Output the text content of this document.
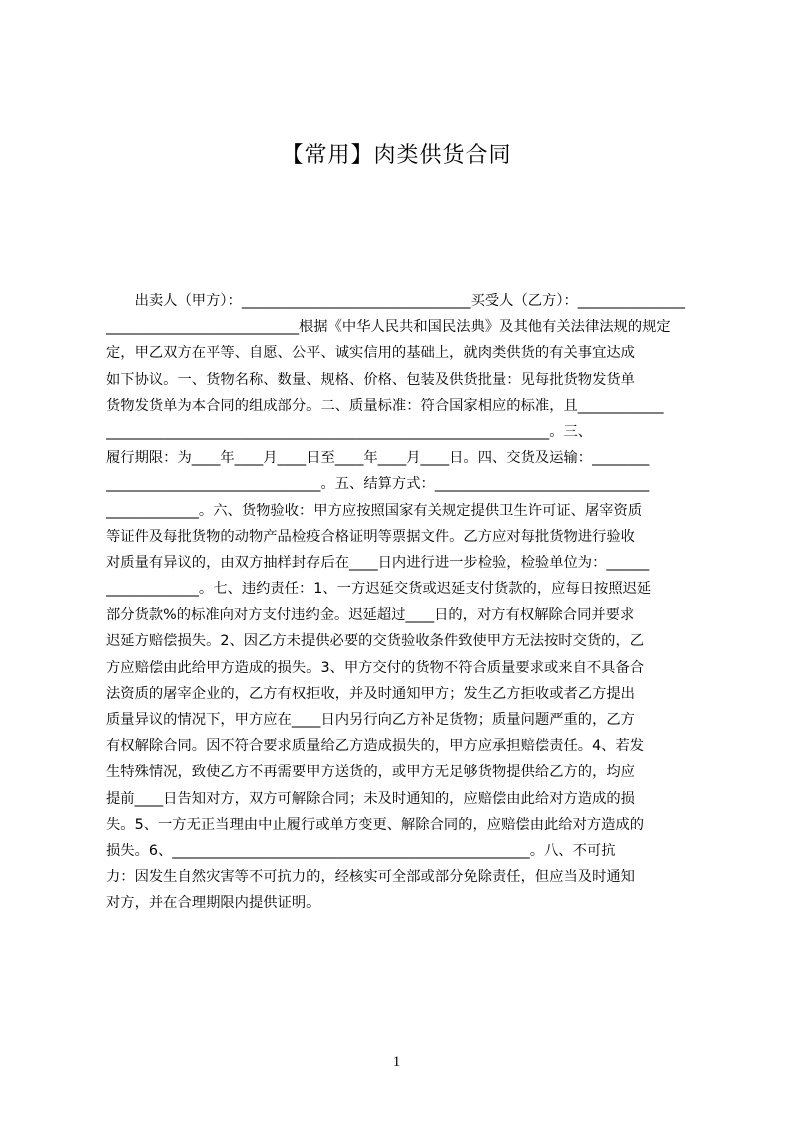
【常用】肉类供货合同
　　出卖人（甲方）：________________________________买受人（乙方）：_______________
___________________________根据《中华人民共和国民法典》及其他有关法律法规的规定
定，甲乙双方在平等、自愿、公平、诚实信用的基础上，就肉类供货的有关事宜达成
如下协议。一、货物名称、数量、规格、价格、包装及供货批量：见每批货物发货单
货物发货单为本合同的组成部分。二、质量标准：符合国家相应的标准，且____________
______________________________________________________________。三、
履行期限：为____年____月____日至____年____月____日。四、交货及运输：________
______________________________。五、结算方式：______________________________
_____________。六、货物验收：甲方应按照国家有关规定提供卫生许可证、屠宰资质
等证件及每批货物的动物产品检疫合格证明等票据文件。乙方应对每批货物进行验收
对质量有异议的，由双方抽样封存后在____日内进行进一步检验，检验单位为：______
_____________。七、违约责任：1、一方迟延交货或迟延支付货款的，应每日按照迟延
部分货款%的标准向对方支付违约金。迟延超过____日的，对方有权解除合同并要求
迟延方赔偿损失。2、因乙方未提供必要的交货验收条件致使甲方无法按时交货的，乙
方应赔偿由此给甲方造成的损失。3、甲方交付的货物不符合质量要求或来自不具备合
法资质的屠宰企业的，乙方有权拒收，并及时通知甲方；发生乙方拒收或者乙方提出
质量异议的情况下，甲方应在____日内另行向乙方补足货物；质量问题严重的，乙方
有权解除合同。因不符合要求质量给乙方造成损失的，甲方应承担赔偿责任。4、若发
生特殊情况，致使乙方不再需要甲方送货的，或甲方无足够货物提供给乙方的，均应
提前____日告知对方，双方可解除合同；未及时通知的，应赔偿由此给对方造成的损
失。5、一方无正当理由中止履行或单方变更、解除合同的，应赔偿由此给对方造成的
损失。6、__________________________________________________。八、不可抗
力：因发生自然灾害等不可抗力的，经核实可全部或部分免除责任，但应当及时通知
对方，并在合理期限内提供证明。
1
